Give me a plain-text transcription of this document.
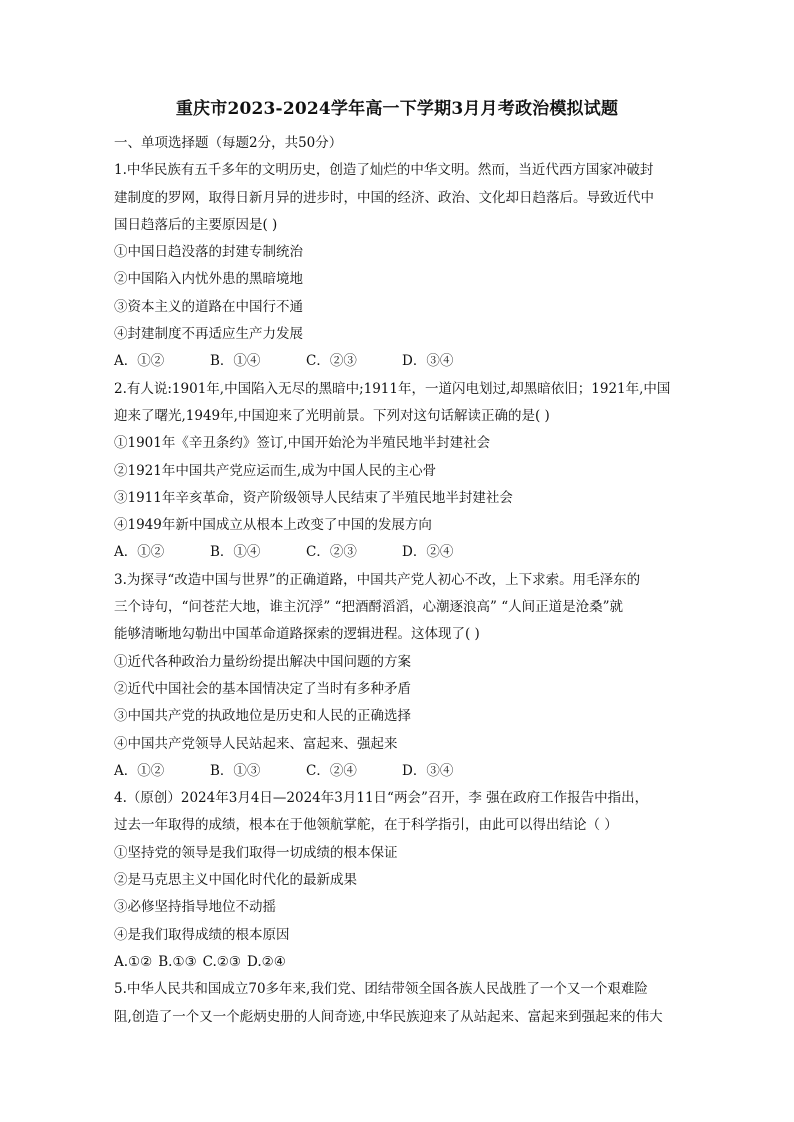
重庆市2023-2024学年高一下学期3月月考政治模拟试题
一、单项选择题（每题2分，共50分）
1.中华民族有五千多年的文明历史，创造了灿烂的中华文明。然而，当近代西方国家冲破封
建制度的罗网，取得日新月异的进步时，中国的经济、政治、文化却日趋落后。导致近代中
国日趋落后的主要原因是( )
①中国日趋没落的封建专制统治
②中国陷入内忧外患的黑暗境地
③资本主义的道路在中国行不通
④封建制度不再适应生产力发展
A．①②	B．①④	C．②③	D．③④
2.有人说:1901年,中国陷入无尽的黑暗中;1911年，一道闪电划过,却黑暗依旧；1921年,中国
迎来了曙光,1949年,中国迎来了光明前景。下列对这句话解读正确的是( )
①1901年《辛丑条约》签订,中国开始沦为半殖民地半封建社会
②1921年中国共产党应运而生,成为中国人民的主心骨
③1911年辛亥革命，资产阶级领导人民结束了半殖民地半封建社会
④1949年新中国成立从根本上改变了中国的发展方向
A．①②	B．①④	C．②③	D．②④
3.为探寻“改造中国与世界”的正确道路，中国共产党人初心不改，上下求索。用毛泽东的
三个诗句，“问苍茫大地，谁主沉浮” “把酒酹滔滔，心潮逐浪高” “人间正道是沧桑”就
能够清晰地勾勒出中国革命道路探索的逻辑进程。这体现了( )
①近代各种政治力量纷纷提出解决中国问题的方案
②近代中国社会的基本国情决定了当时有多种矛盾
③中国共产党的执政地位是历史和人民的正确选择
④中国共产党领导人民站起来、富起来、强起来
A．①②	B．①③	C．②④	D．③④
4.（原创）2024年3月4日—2024年3月11日“两会”召开，李 强在政府工作报告中指出，
过去一年取得的成绩，根本在于他领航掌舵，在于科学指引，由此可以得出结论（ ）
①坚持党的领导是我们取得一切成绩的根本保证
②是马克思主义中国化时代化的最新成果
③必修坚持指导地位不动摇
④是我们取得成绩的根本原因
A.①② B.①③ C.②③ D.②④
5.中华人民共和国成立70多年来,我们党、团结带领全国各族人民战胜了一个又一个艰难险
阻,创造了一个又一个彪炳史册的人间奇迹,中华民族迎来了从站起来、富起来到强起来的伟大
